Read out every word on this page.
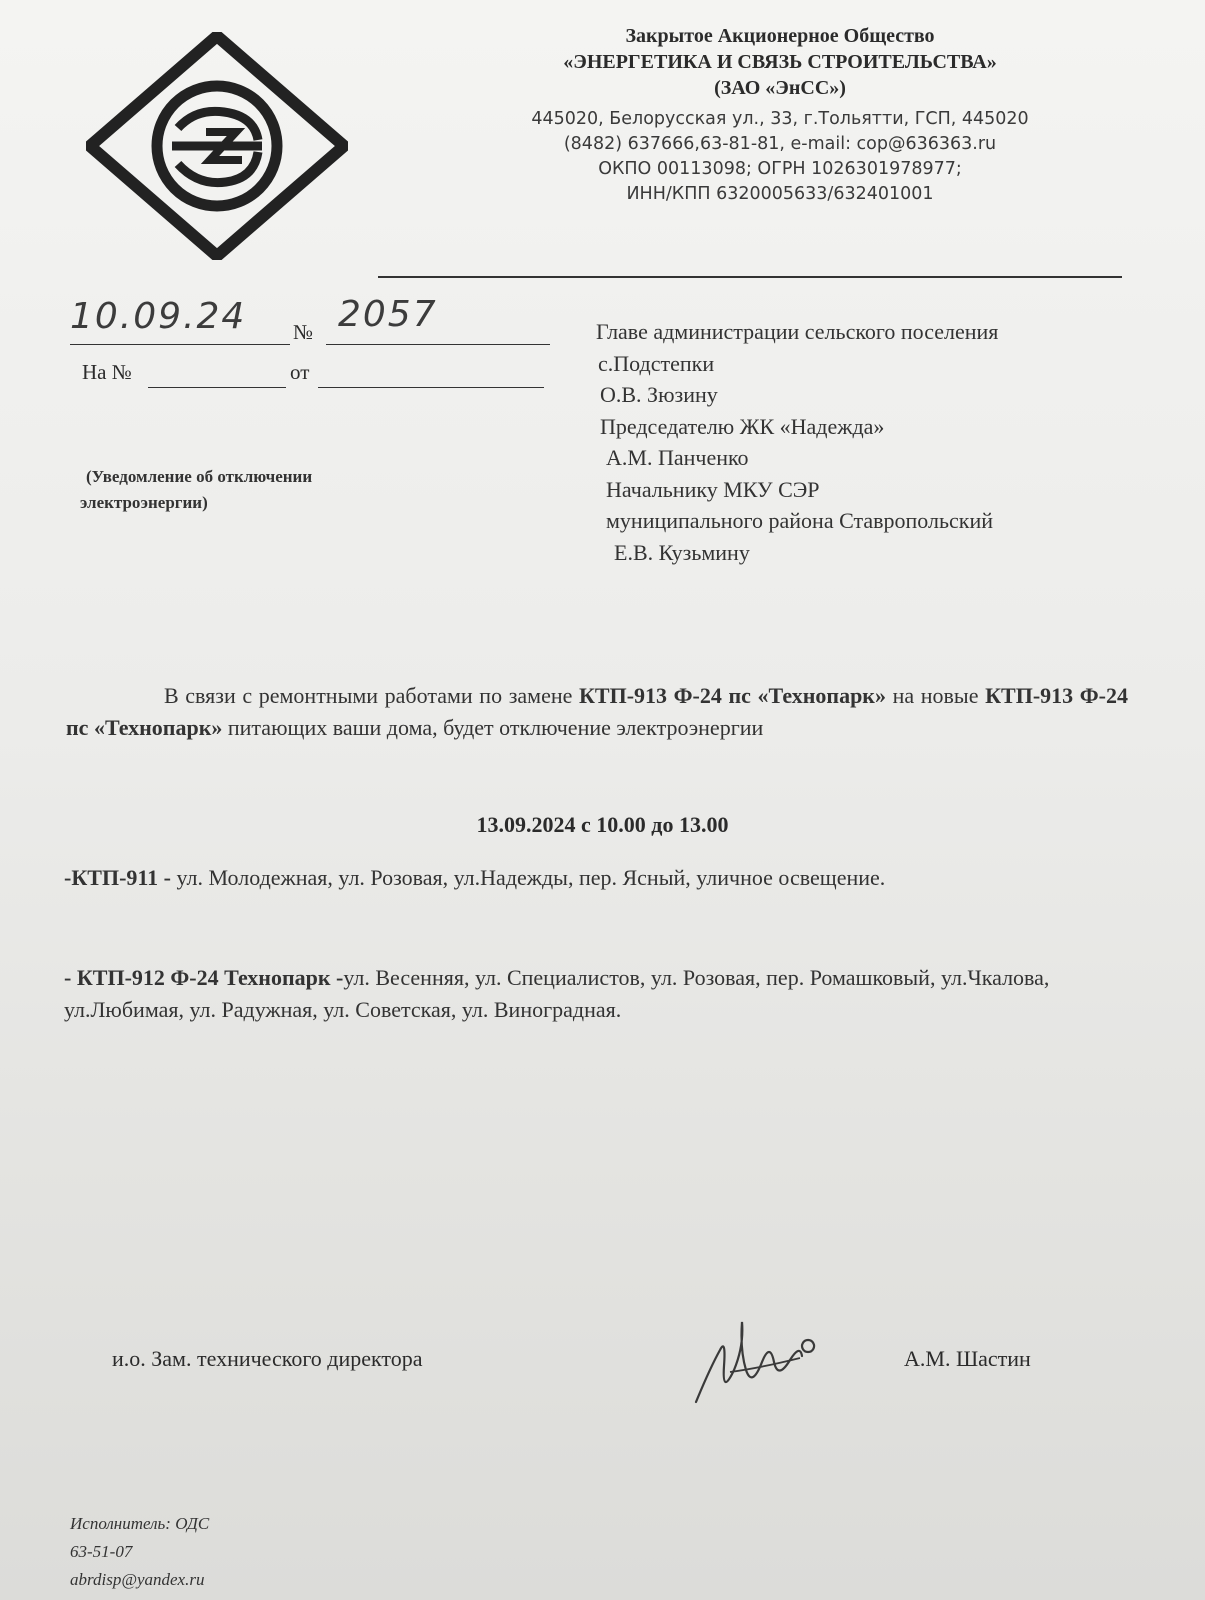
Закрытое Акционерное Общество
«ЭНЕРГЕТИКА И СВЯЗЬ СТРОИТЕЛЬСТВА»
(ЗАО «ЭнСС»)
445020, Белорусская ул., 33, г.Тольятти, ГСП, 445020
(8482) 637666,63-81-81, e-mail: cop@636363.ru
ОКПО 00113098; ОГРН 1026301978977;
ИНН/КПП 6320005633/632401001
10.09.24 № 2057
На №	от
(Уведомление об отключении
электроэнергии)
Главе администрации сельского поселения
с.Подстепки
О.В. Зюзину
Председателю ЖК «Надежда»
А.М. Панченко
Начальнику МКУ СЭР
муниципального района Ставропольский
Е.В. Кузьмину
В связи с ремонтными работами по замене КТП-913 Ф-24 пс «Технопарк» на новые КТП-913 Ф-24 пс «Технопарк» питающих ваши дома, будет отключение электроэнергии
13.09.2024 с 10.00 до 13.00
-КТП-911 - ул. Молодежная, ул. Розовая, ул.Надежды, пер. Ясный, уличное освещение.
- КТП-912 Ф-24 Технопарк -ул. Весенняя, ул. Специалистов, ул. Розовая, пер. Ромашковый, ул.Чкалова, ул.Любимая, ул. Радужная, ул. Советская, ул. Виноградная.
и.о. Зам. технического директора	А.М. Шастин
Исполнитель: ОДС
63-51-07
abrdisp@yandex.ru
